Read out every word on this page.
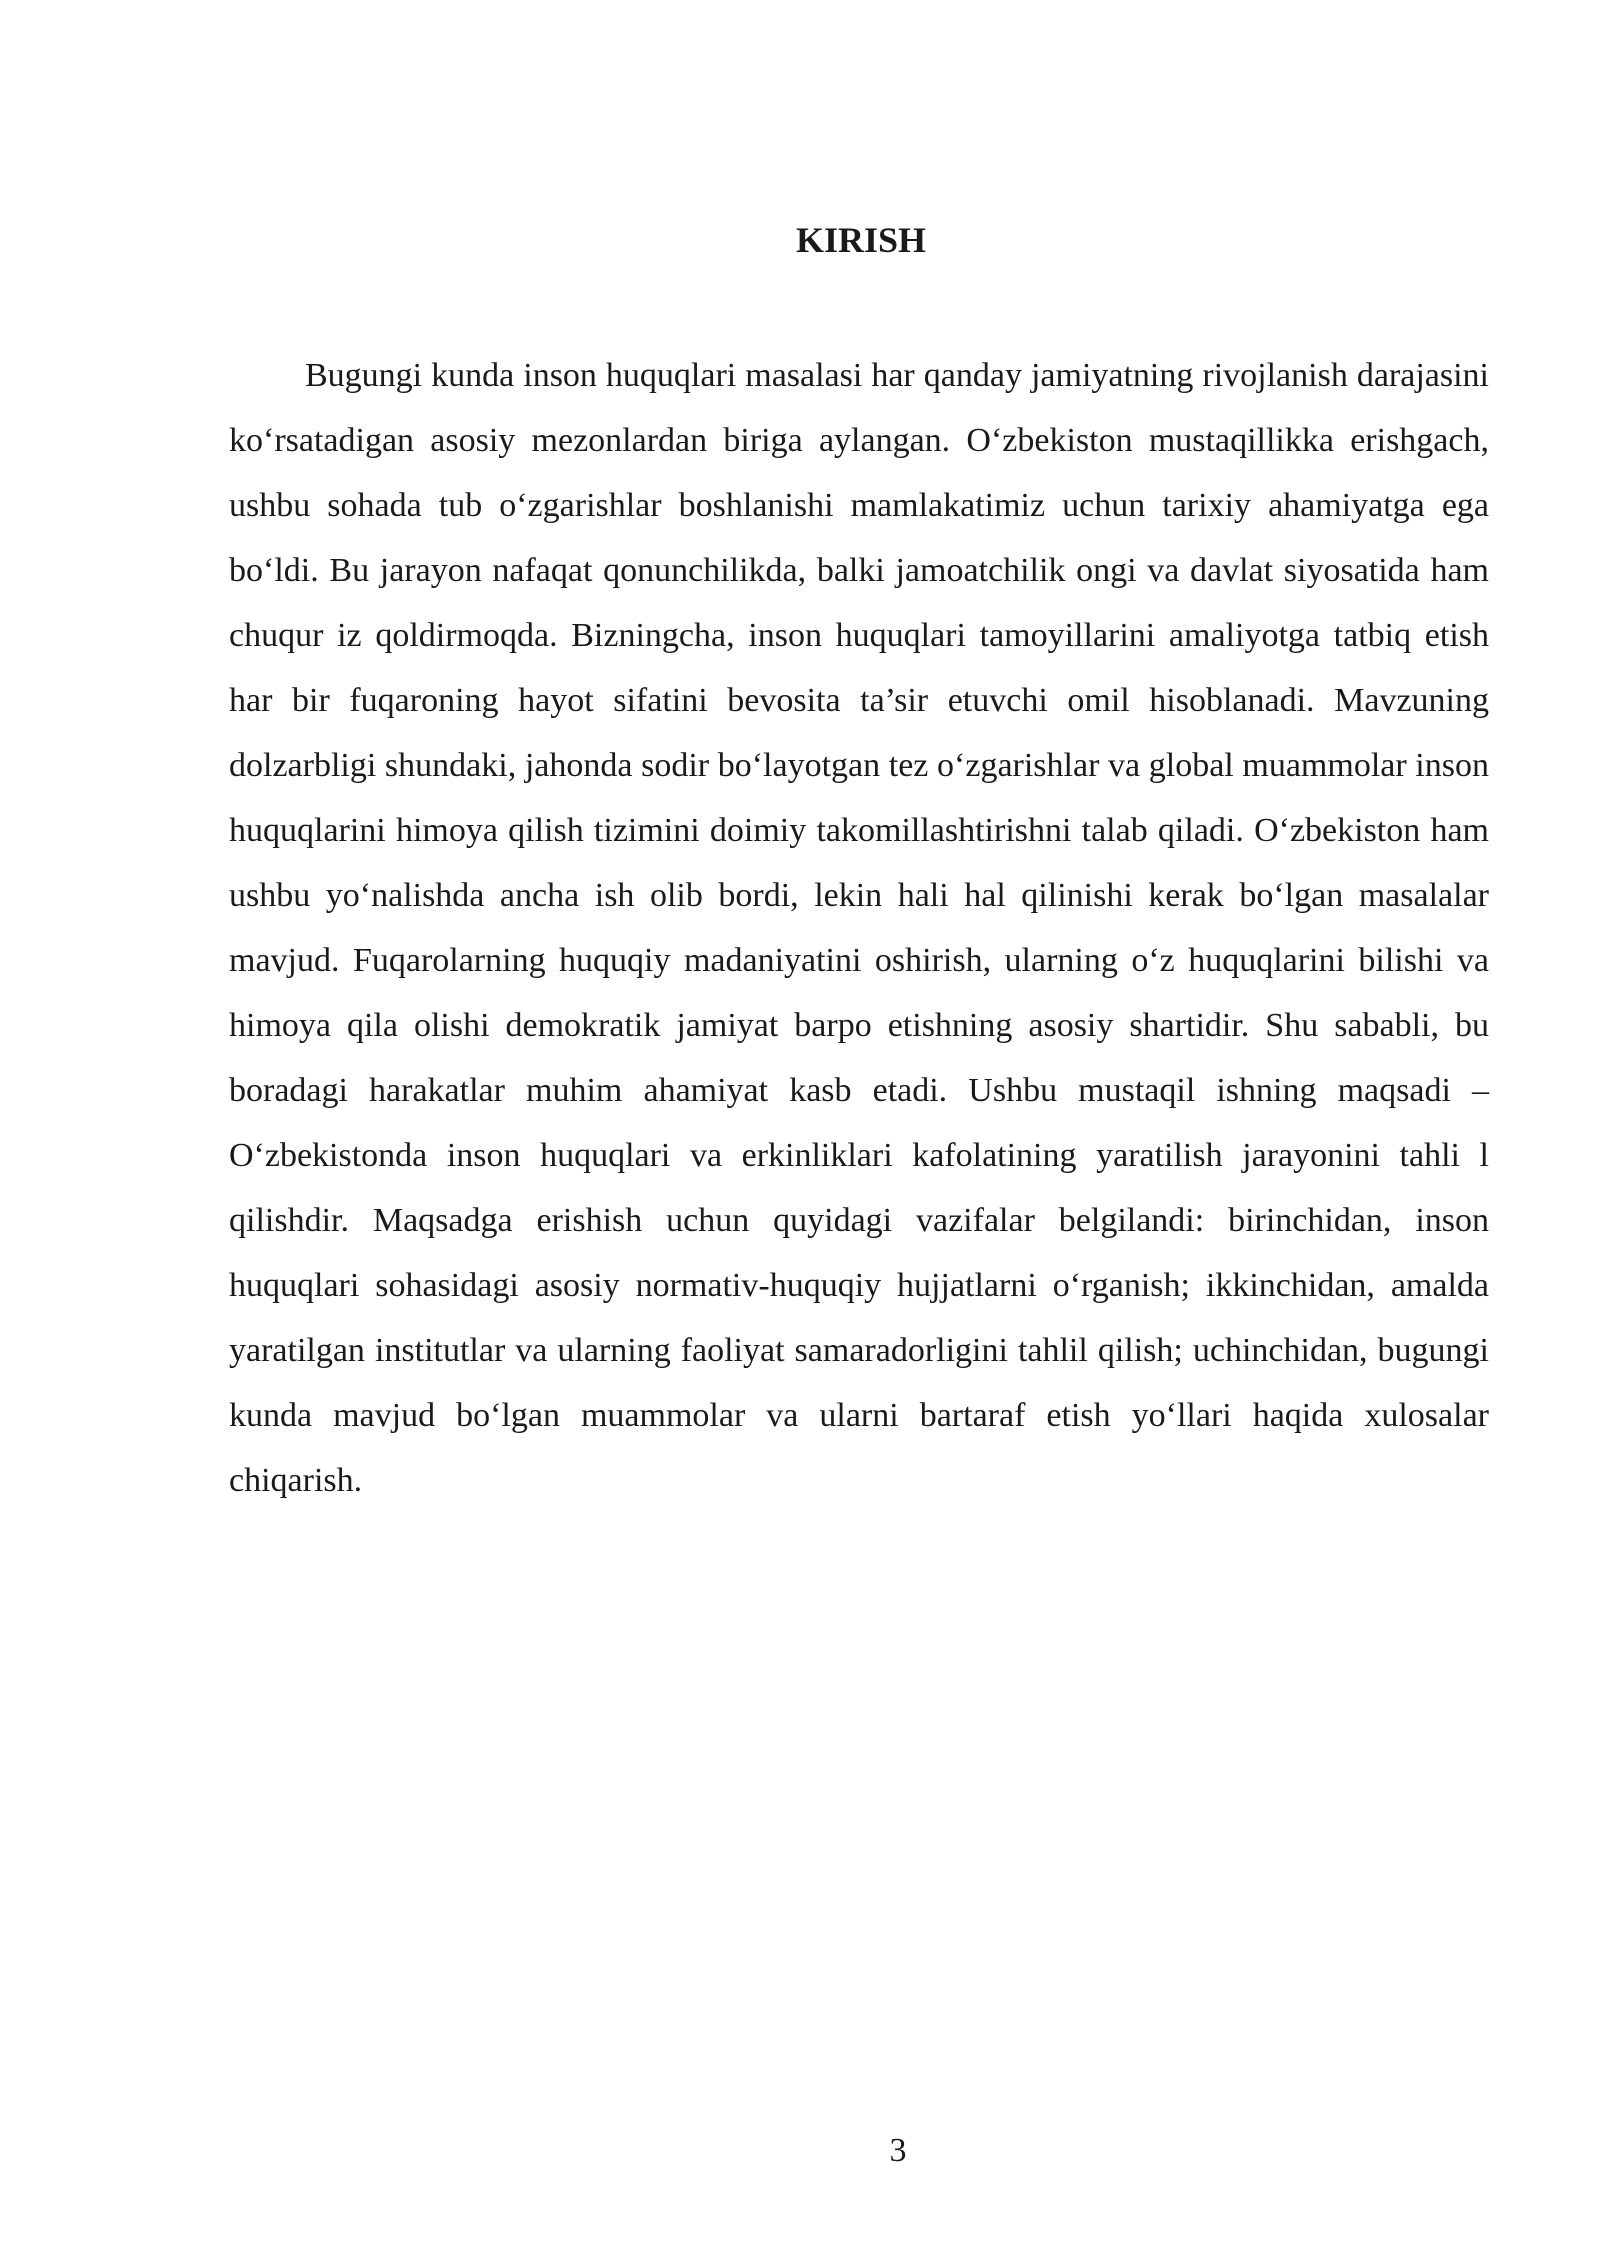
KIRISH

Bugungi kunda inson huquqlari masalasi har qanday jamiyatning rivojlanish darajasini ko‘rsatadigan asosiy mezonlardan biriga aylangan. O‘zbekiston mustaqillikka erishgach, ushbu sohada tub o‘zgarishlar boshlanishi mamlakatimiz uchun tarixiy ahamiyatga ega bo‘ldi. Bu jarayon nafaqat qonunchilikda, balki jamoatchilik ongi va davlat siyosatida ham chuqur iz qoldirmoqda. Bizningcha, inson huquqlari tamoyillarini amaliyotga tatbiq etish har bir fuqaroning hayot sifatini bevosita ta’sir etuvchi omil hisoblanadi. Mavzuning dolzarbligi shundaki, jahonda sodir bo‘layotgan tez o‘zgarishlar va global muammolar inson huquqlarini himoya qilish tizimini doimiy takomillashtirishni talab qiladi. O‘zbekiston ham ushbu yo‘nalishda ancha ish olib bordi, lekin hali hal qilinishi kerak bo‘lgan masalalar mavjud. Fuqarolarning huquqiy madaniyatini oshirish, ularning o‘z huquqlarini bilishi va himoya qila olishi demokratik jamiyat barpo etishning asosiy shartidir. Shu sababli, bu boradagi harakatlar muhim ahamiyat kasb etadi. Ushbu mustaqil ishning maqsadi – O‘zbekistonda inson huquqlari va erkinliklari kafolatining yaratilish jarayonini tahli l qilishdir. Maqsadga erishish uchun quyidagi vazifalar belgilandi: birinchidan, inson huquqlari sohasidagi asosiy normativ-huquqiy hujjatlarni o‘rganish; ikkinchidan, amalda yaratilgan institutlar va ularning faoliyat samaradorligini tahlil qilish; uchinchidan, bugungi kunda mavjud bo‘lgan muammolar va ularni bartaraf etish yo‘llari haqida xulosalar chiqarish.

3
